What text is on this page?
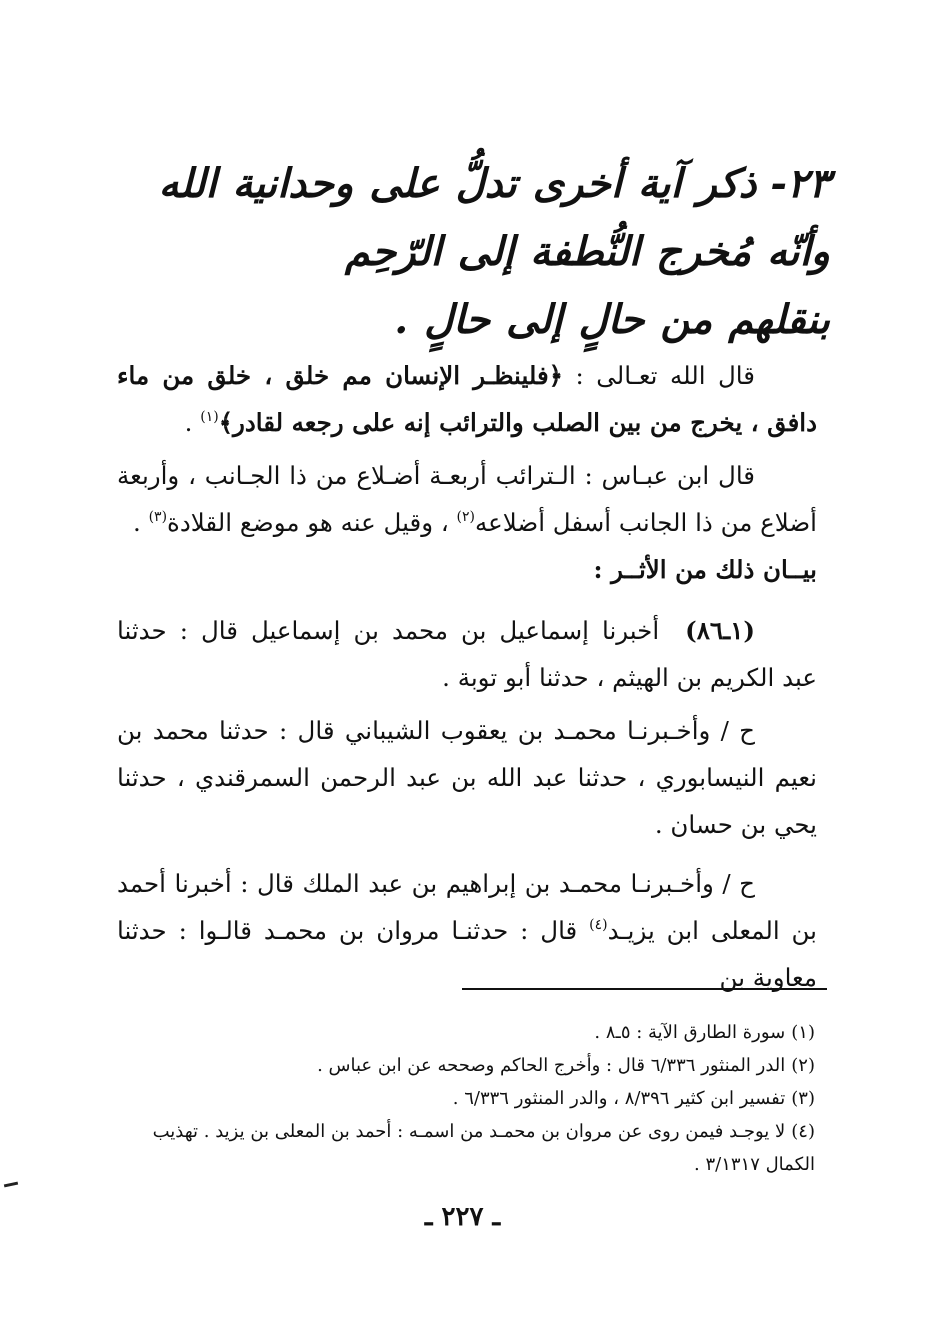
٢٣-ذكر آية أخرى تدلُّ على وحدانية الله وأنّه مُخرج النُّطفة إلى الرّحِم
بنقلهم من حالٍ إلى حالٍ .

قال الله تعـالى : ﴿فلينظـر الإنسان مم خلق ، خلق من ماء دافق ، يخرج من بين الصلب والترائب إنه على رجعه لقادر﴾$^{(١)}$ .

قال ابن عبـاس : الـترائب أربعـة أضـلاع من ذا الجـانب ، وأربعة أضلاع من ذا الجانب أسفل أضلاعه$^{(٢)}$ ، وقيل عنه هو موضع القلادة$^{(٣)}$ .

بيــان ذلك من الأثــر :

(١ـ٨٦)أخبرنا إسماعيل بن محمد بن إسماعيل قال : حدثنا عبد الكريم بن الهيثم ، حدثنا أبو توبة .

ح / وأخـبرنـا محمـد بن يعقوب الشيباني قال : حدثنا محمد بن نعيم النيسابوري ، حدثنا عبد الله بن عبد الرحمن السمرقندي ، حدثنا يحي بن حسان .

ح / وأخـبرنـا محمـد بن إبراهيم بن عبد الملك قال : أخبرنا أحمد بن المعلى ابن يزيـد$^{(٤)}$ قال : حدثنـا مروان بن محمـد قالـوا : حدثنا معاوية بن

(١)سورة الطارق الآية : ٥ـ٨ .

(٢)الدر المنثور ٦/٣٣٦ قال : وأخرج الحاكم وصححه عن ابن عباس .

(٣)تفسير ابن كثير ٨/٣٩٦ ، والدر المنثور ٦/٣٣٦ .

(٤)لا يوجـد فيمن روى عن مروان بن محمـد من اسمـه : أحمد بن المعلى بن يزيد . تهذيب الكمال ٣/١٣١٧ .

ـ ٢٢٧ ـ
